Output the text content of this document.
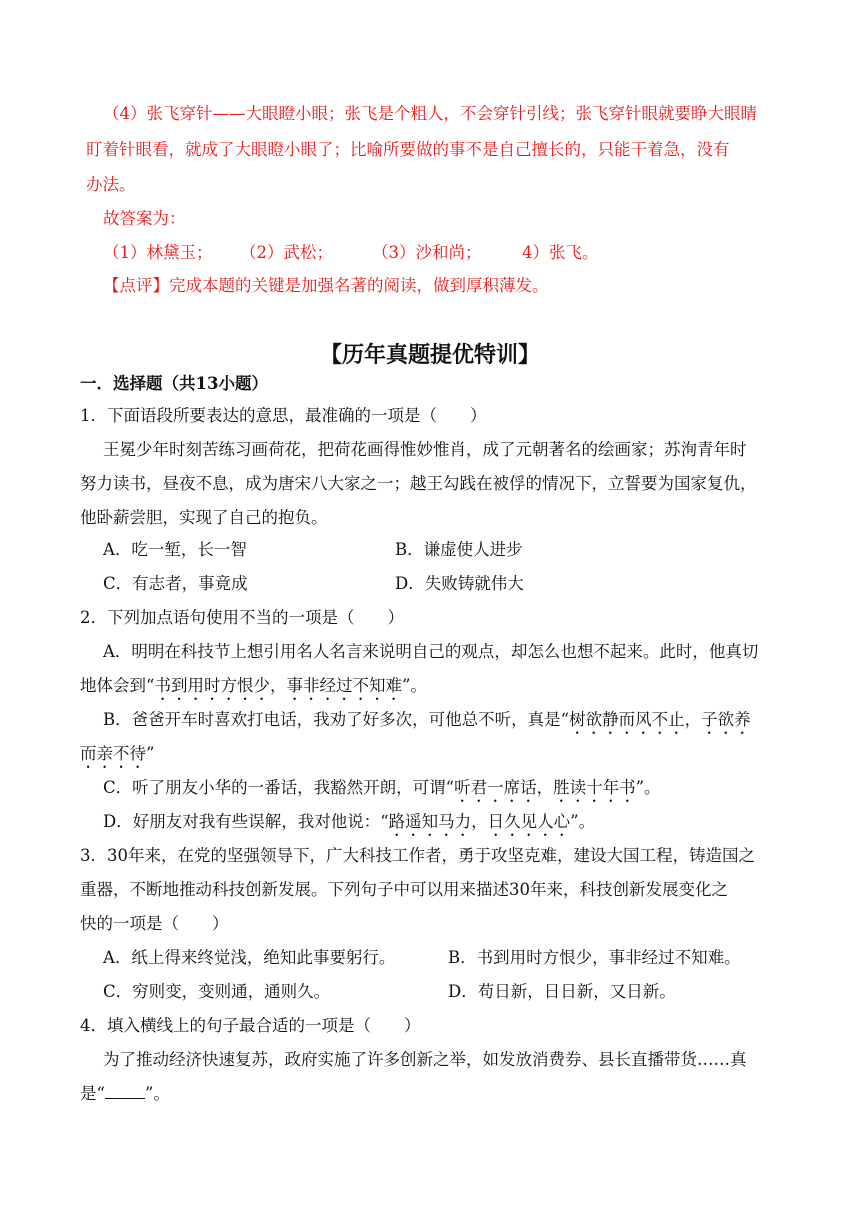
（4）张飞穿针——大眼瞪小眼；张飞是个粗人，不会穿针引线；张飞穿针眼就要睁大眼睛
盯着针眼看，就成了大眼瞪小眼了；比喻所要做的事不是自己擅长的，只能干着急，没有
办法。
故答案为：
（1）林黛玉； （2）武松； （3）沙和尚； 4）张飞。
【点评】完成本题的关键是加强名著的阅读，做到厚积薄发。
【历年真题提优特训】
一．选择题（共13小题）
1．下面语段所要表达的意思，最准确的一项是（　　）
王冕少年时刻苦练习画荷花，把荷花画得惟妙惟肖，成了元朝著名的绘画家；苏洵青年时
努力读书，昼夜不息，成为唐宋八大家之一；越王勾践在被俘的情况下，立誓要为国家复仇，
他卧薪尝胆，实现了自己的抱负。
A．吃一堑，长一智	B．谦虚使人进步
C．有志者，事竟成	D．失败铸就伟大
2．下列加点语句使用不当的一项是（　　）
A．明明在科技节上想引用名人名言来说明自己的观点，却怎么也想不起来。此时，他真切
地体会到“书到用时方恨少，事非经过不知难”。
B．爸爸开车时喜欢打电话，我劝了好多次，可他总不听，真是“树欲静而风不止，子欲养
而亲不待”
C．听了朋友小华的一番话，我豁然开朗，可谓“听君一席话，胜读十年书”。
D．好朋友对我有些误解，我对他说：“路遥知马力，日久见人心”。
3．30年来，在党的坚强领导下，广大科技工作者，勇于攻坚克难，建设大国工程，铸造国之
重器，不断地推动科技创新发展。下列句子中可以用来描述30年来，科技创新发展变化之
快的一项是（　　）
A．纸上得来终觉浅，绝知此事要躬行。	B．书到用时方恨少，事非经过不知难。
C．穷则变，变则通，通则久。	D．苟日新，日日新，又日新。
4．填入横线上的句子最合适的一项是（　　）
为了推动经济快速复苏，政府实施了许多创新之举，如发放消费券、县长直播带货……真
是“ ”。
